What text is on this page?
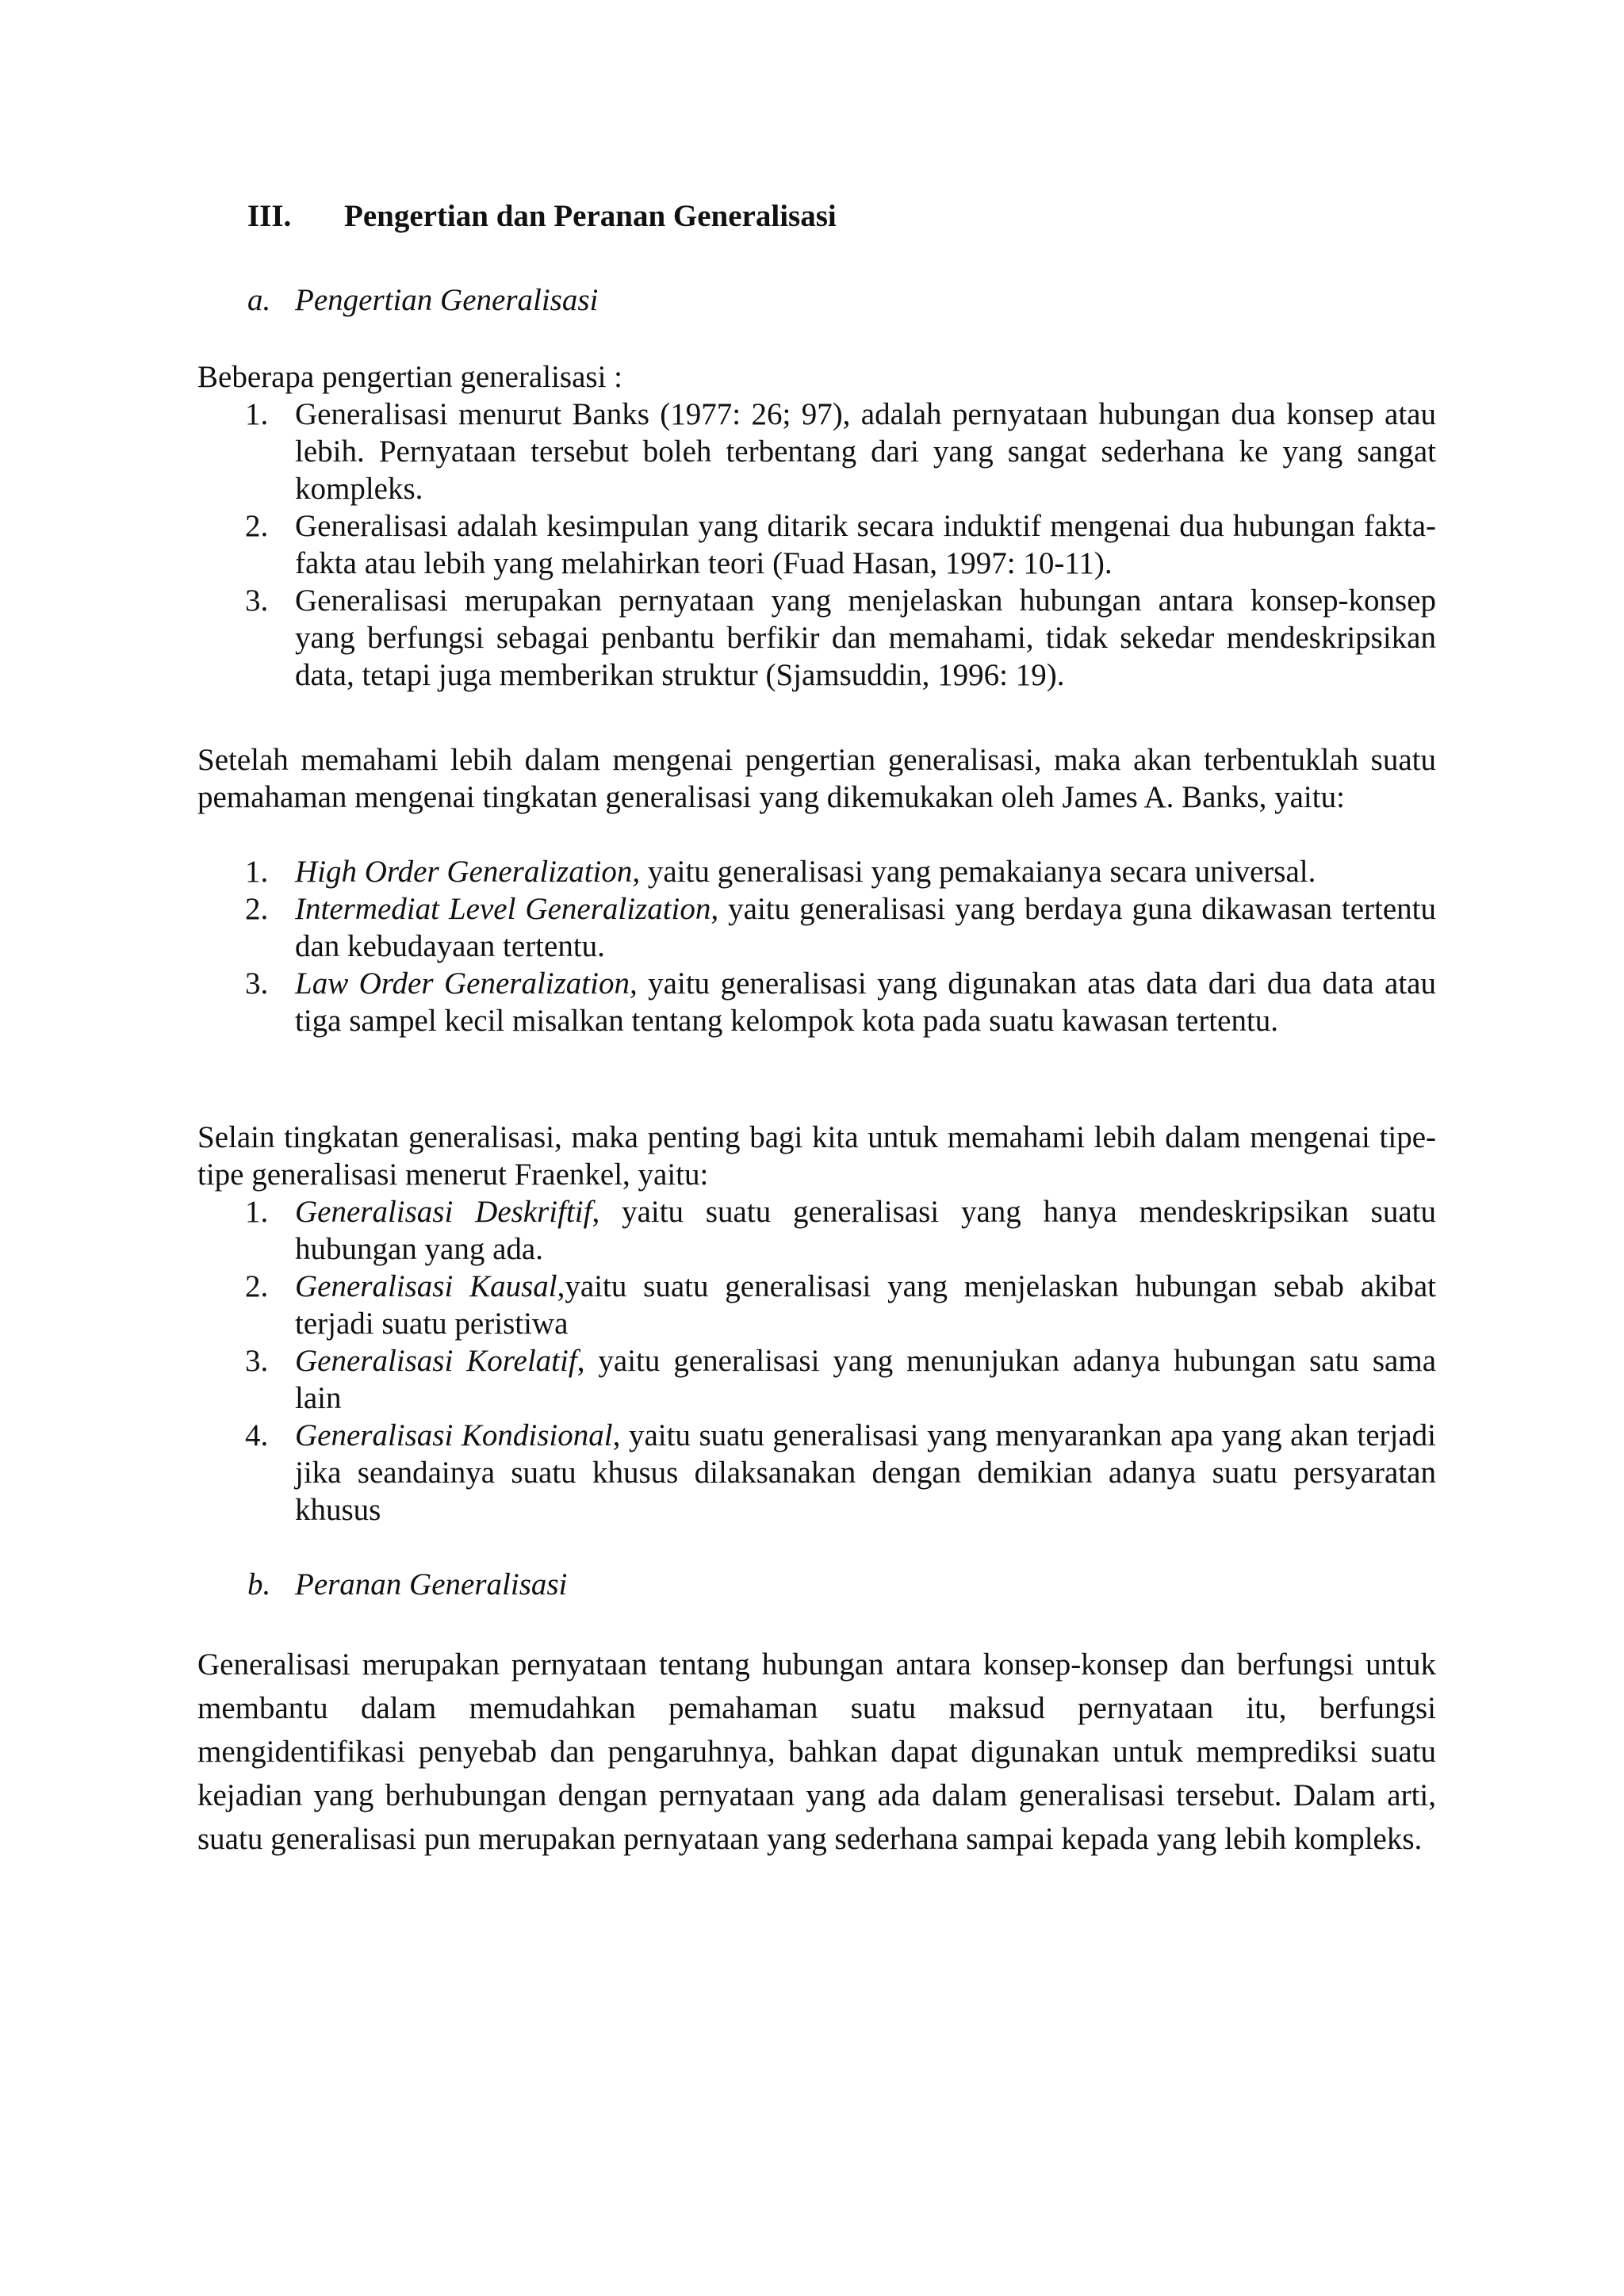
III. Pengertian dan Peranan Generalisasi
a. Pengertian Generalisasi

Beberapa pengertian generalisasi :

1. Generalisasi menurut Banks (1977: 26; 97), adalah pernyataan hubungan dua konsep atau lebih. Pernyataan tersebut boleh terbentang dari yang sangat sederhana ke yang sangat kompleks.
2. Generalisasi adalah kesimpulan yang ditarik secara induktif mengenai dua hubungan fakta-fakta atau lebih yang melahirkan teori (Fuad Hasan, 1997: 10-11).
3. Generalisasi merupakan pernyataan yang menjelaskan hubungan antara konsep-konsep yang berfungsi sebagai penbantu berfikir dan memahami, tidak sekedar mendeskripsikan data, tetapi juga memberikan struktur (Sjamsuddin, 1996: 19).

Setelah memahami lebih dalam mengenai pengertian generalisasi, maka akan terbentuklah suatu pemahaman mengenai tingkatan generalisasi yang dikemukakan oleh James A. Banks, yaitu:

1. High Order Generalization, yaitu generalisasi yang pemakaianya secara universal.
2. Intermediat Level Generalization, yaitu generalisasi yang berdaya guna dikawasan tertentu dan kebudayaan tertentu.
3. Law Order Generalization, yaitu generalisasi yang digunakan atas data dari dua data atau tiga sampel kecil misalkan tentang kelompok kota pada suatu kawasan tertentu.

Selain tingkatan generalisasi, maka penting bagi kita untuk memahami lebih dalam mengenai tipe-tipe generalisasi menerut Fraenkel, yaitu:

1. Generalisasi Deskriftif, yaitu suatu generalisasi yang hanya mendeskripsikan suatu hubungan yang ada.
2. Generalisasi Kausal,yaitu suatu generalisasi yang menjelaskan hubungan sebab akibat terjadi suatu peristiwa
3. Generalisasi Korelatif, yaitu generalisasi yang menunjukan adanya hubungan satu sama lain
4. Generalisasi Kondisional, yaitu suatu generalisasi yang menyarankan apa yang akan terjadi jika seandainya suatu khusus dilaksanakan dengan demikian adanya suatu persyaratan khusus
b. Peranan Generalisasi

Generalisasi merupakan pernyataan tentang hubungan antara konsep-konsep dan berfungsi untuk membantu dalam memudahkan pemahaman suatu maksud pernyataan itu, berfungsi mengidentifikasi penyebab dan pengaruhnya, bahkan dapat digunakan untuk memprediksi suatu kejadian yang berhubungan dengan pernyataan yang ada dalam generalisasi tersebut. Dalam arti, suatu generalisasi pun merupakan pernyataan yang sederhana sampai kepada yang lebih kompleks.
